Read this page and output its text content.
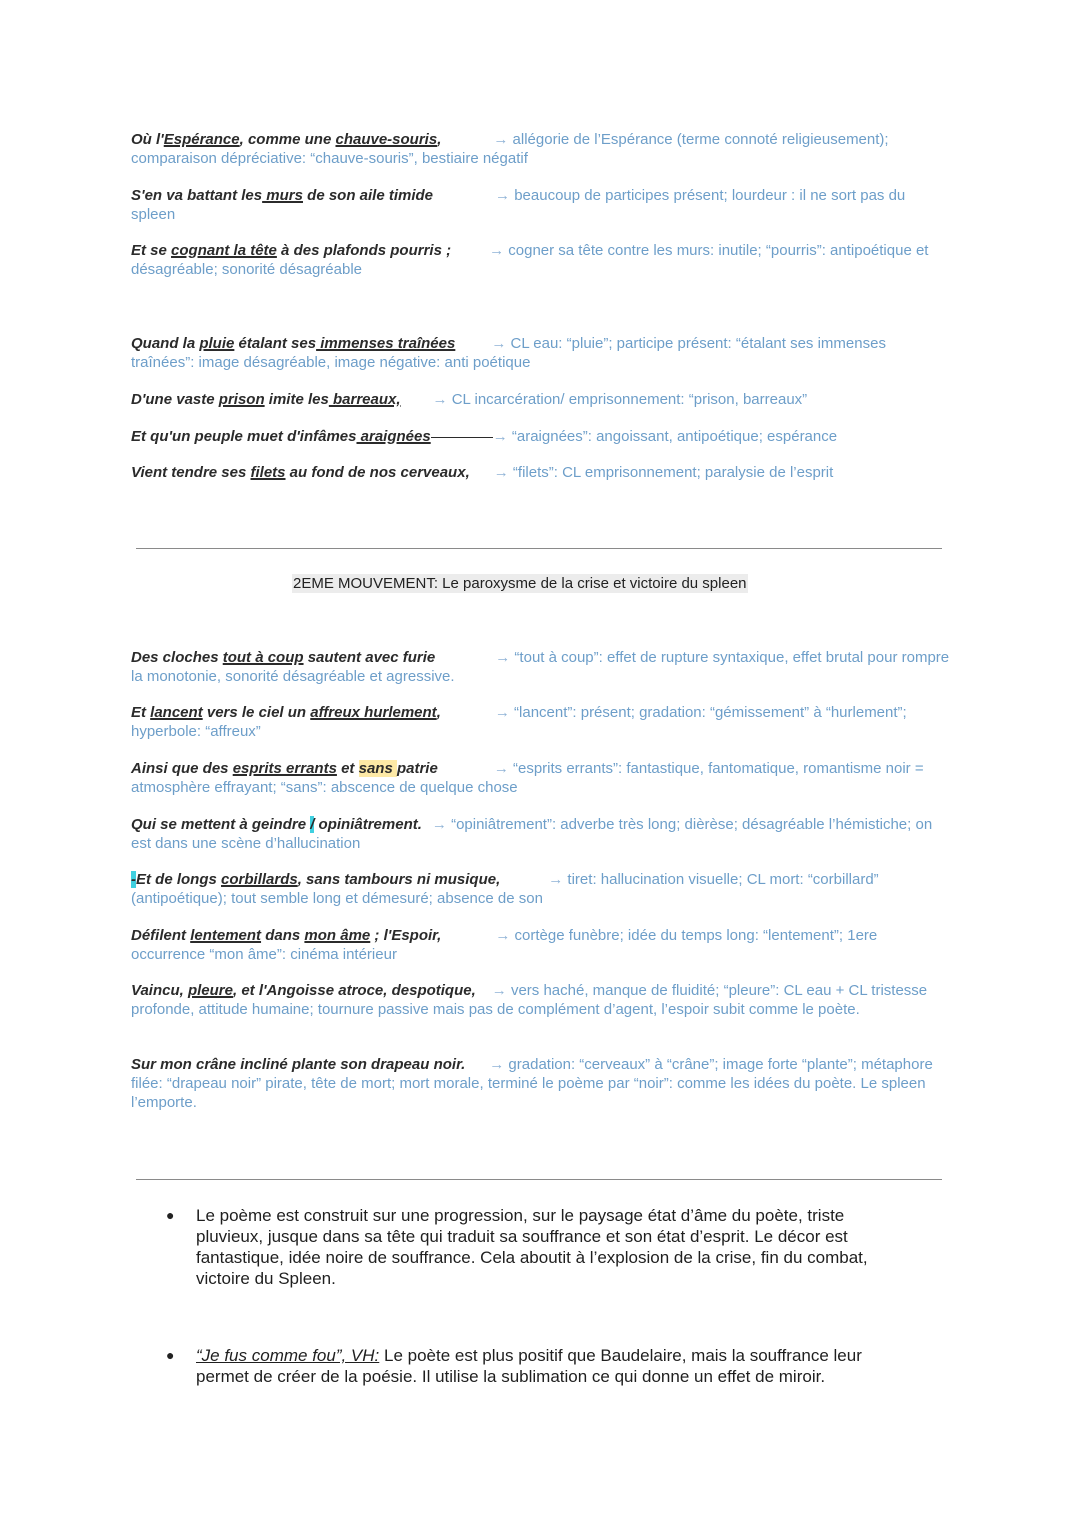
Où l'Espérance, comme une chauve-souris,	→ allégorie de l’Espérance (terme connoté religieusement); comparaison dépréciative: “chauve-souris”, bestiaire négatif
S'en va battant les murs de son aile timide	→ beaucoup de participes présent; lourdeur : il ne sort pas du spleen
Et se cognant la tête à des plafonds pourris ;	→ cogner sa tête contre les murs: inutile; “pourris”: antipoétique et désagréable; sonorité désagréable
Quand la pluie étalant ses immenses traînées → CL eau: “pluie”; participe présent: “étalant ses immenses traînées”: image désagréable, image négative: anti poétique
D'une vaste prison imite les barreaux, → CL incarcération/ emprisonnement: “prison, barreaux”
Et qu'un peuple muet d'infâmes araignées	→ “araignées”: angoissant, antipoétique; espérance
Vient tendre ses filets au fond de nos cerveaux, → “filets”: CL emprisonnement; paralysie de l’esprit
2EME MOUVEMENT: Le paroxysme de la crise et victoire du spleen
Des cloches tout à coup sautent avec furie	→ “tout à coup”: effet de rupture syntaxique, effet brutal pour rompre la monotonie, sonorité désagréable et agressive.
Et lancent vers le ciel un affreux hurlement,	→ “lancent”: présent; gradation: “gémissement” à “hurlement”; hyperbole: “affreux”
Ainsi que des esprits errants et sans patrie	→ “esprits errants”: fantastique, fantomatique, romantisme noir = atmosphère effrayant; “sans”: abscence de quelque chose
Qui se mettent à geindre / opiniâtrement. → “opiniâtrement”: adverbe très long; dièrèse; désagréable l’hémistiche; on est dans une scène d’hallucination
-Et de longs corbillards, sans tambours ni musique,	→ tiret: hallucination visuelle; CL mort: “corbillard” (antipoétique); tout semble long et démesuré; absence de son
Défilent lentement dans mon âme ; l'Espoir,	→ cortège funèbre; idée du temps long: “lentement”; 1ere occurrence “mon âme”: cinéma intérieur
Vaincu, pleure, et l'Angoisse atroce, despotique, → vers haché, manque de fluidité; “pleure”: CL eau + CL tristesse profonde, attitude humaine; tournure passive mais pas de complément d’agent, l’espoir subit comme le poète.
Sur mon crâne incliné plante son drapeau noir. → gradation: “cerveaux” à “crâne”; image forte “plante”; métaphore filée: “drapeau noir” pirate, tête de mort; mort morale, terminé le poème par “noir”: comme les idées du poète. Le spleen l’emporte.
● Le poème est construit sur une progression, sur le paysage état d’âme du poète, triste pluvieux, jusque dans sa tête qui traduit sa souffrance et son état d’esprit. Le décor est fantastique, idée noire de souffrance. Cela aboutit à l’explosion de la crise, fin du combat, victoire du Spleen.
● “Je fus comme fou”, VH: Le poète est plus positif que Baudelaire, mais la souffrance leur permet de créer de la poésie. Il utilise la sublimation ce qui donne un effet de miroir.
